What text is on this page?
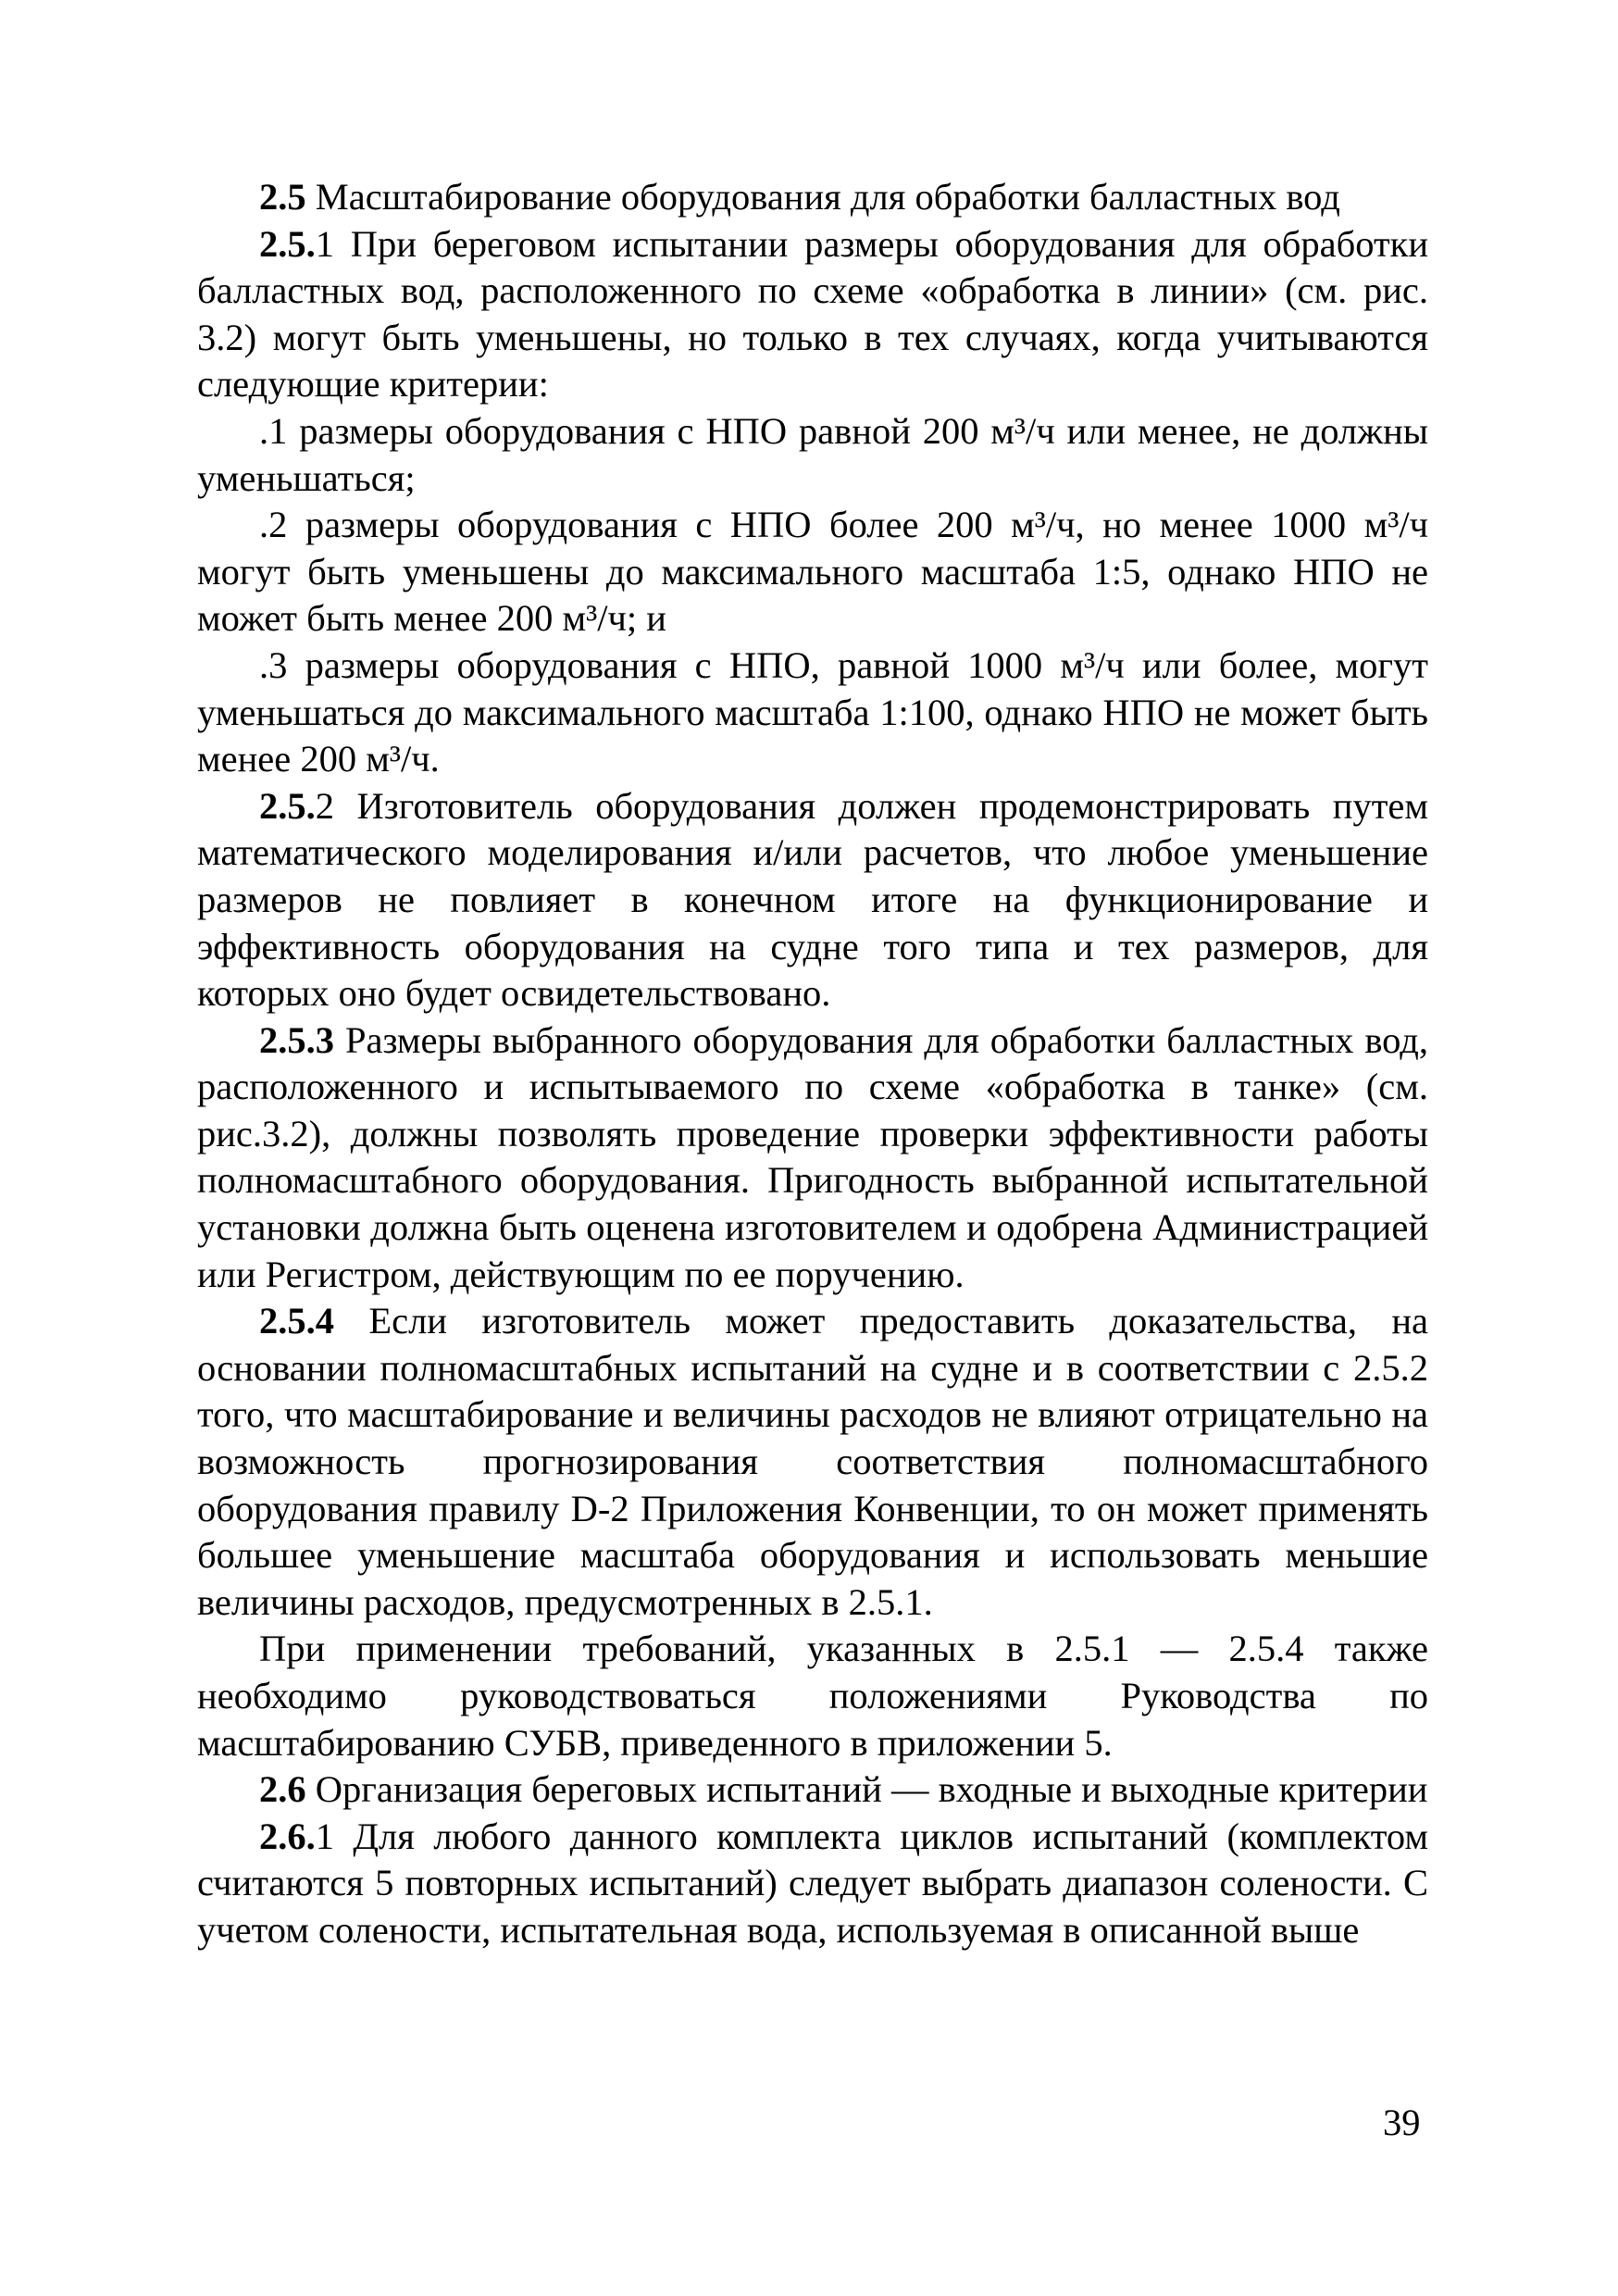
2.5 Масштабирование оборудования для обработки балластных вод

2.5.1 При береговом испытании размеры оборудования для обработки балластных вод, расположенного по схеме «обработка в линии» (см. рис. 3.2) могут быть уменьшены, но только в тех случаях, когда учитываются следующие критерии:

.1 размеры оборудования с НПО равной 200 м³/ч или менее, не должны уменьшаться;

.2 размеры оборудования с НПО более 200 м³/ч, но менее 1000 м³/ч могут быть уменьшены до максимального масштаба 1:5, однако НПО не может быть менее 200 м³/ч; и

.3 размеры оборудования с НПО, равной 1000 м³/ч или более, могут уменьшаться до максимального масштаба 1:100, однако НПО не может быть менее 200 м³/ч.

2.5.2 Изготовитель оборудования должен продемонстрировать путем математического моделирования и/или расчетов, что любое уменьшение размеров не повлияет в конечном итоге на функционирование и эффективность оборудования на судне того типа и тех размеров, для которых оно будет освидетельствовано.

2.5.3 Размеры выбранного оборудования для обработки балластных вод, расположенного и испытываемого по схеме «обработка в танке» (см. рис.3.2), должны позволять проведение проверки эффективности работы полномасштабного оборудования. Пригодность выбранной испытательной установки должна быть оценена изготовителем и одобрена Администрацией или Регистром, действующим по ее поручению.

2.5.4 Если изготовитель может предоставить доказательства, на основании полномасштабных испытаний на судне и в соответствии с 2.5.2 того, что масштабирование и величины расходов не влияют отрицательно на возможность прогнозирования соответствия полномасштабного оборудования правилу D-2 Приложения Конвенции, то он может применять большее уменьшение масштаба оборудования и использовать меньшие величины расходов, предусмотренных в 2.5.1.

При применении требований, указанных в 2.5.1 — 2.5.4 также необходимо руководствоваться положениями Руководства по масштабированию СУБВ, приведенного в приложении 5.

2.6 Организация береговых испытаний — входные и выходные критерии

2.6.1 Для любого данного комплекта циклов испытаний (комплектом считаются 5 повторных испытаний) следует выбрать диапазон солености. С учетом солености, испытательная вода, используемая в описанной выше

39
